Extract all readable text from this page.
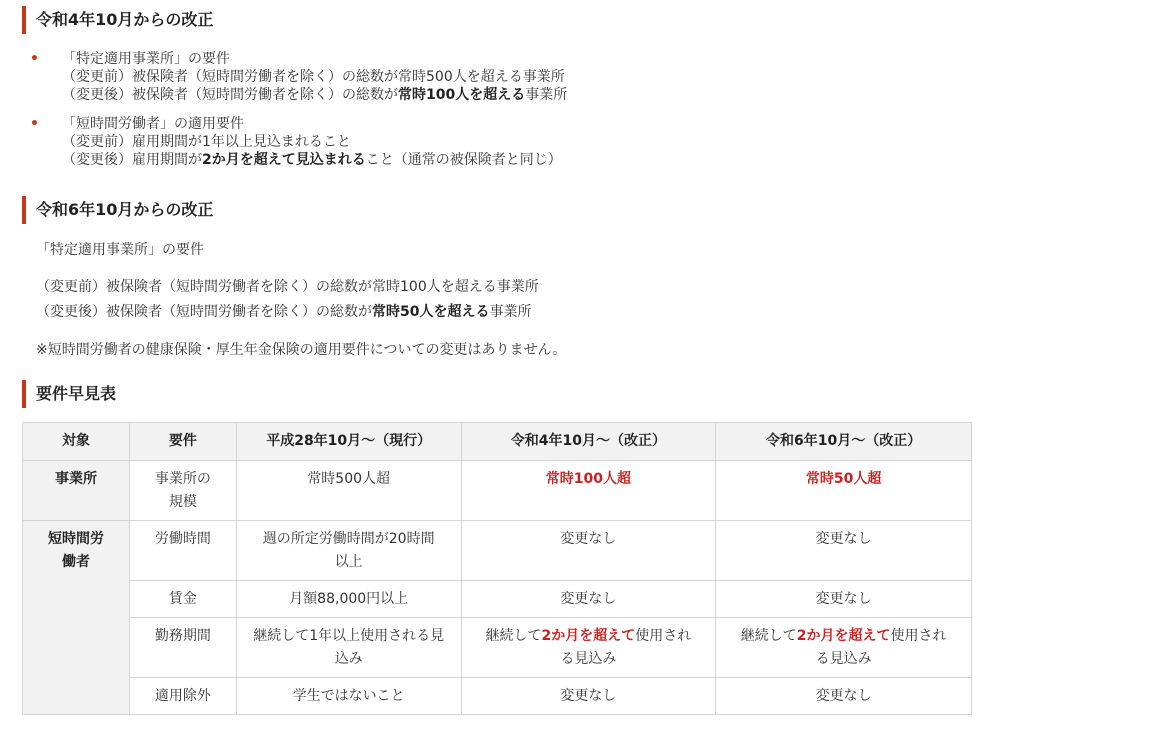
令和4年10月からの改正
• 「特定適用事業所」の要件
（変更前）被保険者（短時間労働者を除く）の総数が常時500人を超える事業所
（変更後）被保険者（短時間労働者を除く）の総数が常時100人を超える事業所
• 「短時間労働者」の適用要件
（変更前）雇用期間が1年以上見込まれること
（変更後）雇用期間が2か月を超えて見込まれること（通常の被保険者と同じ）
令和6年10月からの改正
「特定適用事業所」の要件
（変更前）被保険者（短時間労働者を除く）の総数が常時100人を超える事業所
（変更後）被保険者（短時間労働者を除く）の総数が常時50人を超える事業所
※短時間労働者の健康保険・厚生年金保険の適用要件についての変更はありません。
要件早見表
対象	要件	平成28年10月～（現行）	令和4年10月～（改正）	令和6年10月～（改正）
事業所	事業所の規模	常時500人超	常時100人超	常時50人超
短時間労働者	労働時間	週の所定労働時間が20時間以上	変更なし	変更なし
	賃金	月額88,000円以上	変更なし	変更なし
	勤務期間	継続して1年以上使用される見込み	継続して2か月を超えて使用される見込み	継続して2か月を超えて使用される見込み
	適用除外	学生ではないこと	変更なし	変更なし
